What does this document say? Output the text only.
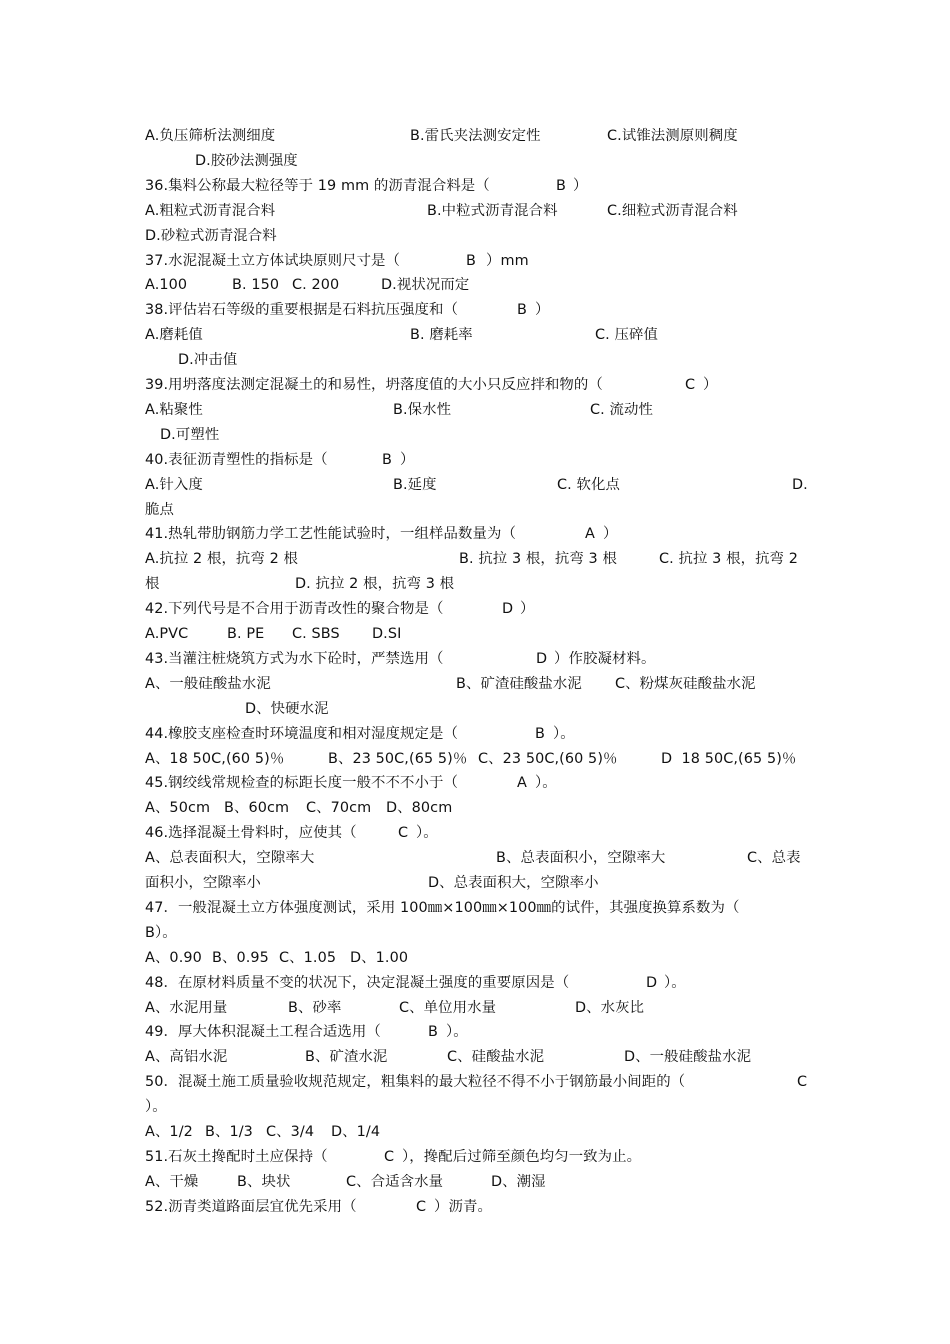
A.负压筛析法测细度	B.雷氏夹法测安定性	C.试锥法测原则稠度
D.胶砂法测强度
36.集料公称最大粒径等于 19 mm 的沥青混合料是（	B ）
A.粗粒式沥青混合料	B.中粒式沥青混合料	C.细粒式沥青混合料
D.砂粒式沥青混合料
37.水泥混凝土立方体试块原则尺寸是（	B ）mm
A.100	B. 150 C. 200	D.视状况而定
38.评估岩石等级的重要根据是石料抗压强度和（	B ）
A.磨耗值	B. 磨耗率	C. 压碎值
D.冲击值
39.用坍落度法测定混凝土的和易性，坍落度值的大小只反应拌和物的（	C ）
A.粘聚性	B.保水性	C. 流动性
D.可塑性
40.表征沥青塑性的指标是（	B ）
A.针入度	B.延度	C. 软化点	D.
脆点
41.热轧带肋钢筋力学工艺性能试验时，一组样品数量为（	A ）
A.抗拉 2 根，抗弯 2 根	B. 抗拉 3 根，抗弯 3 根	C. 抗拉 3 根，抗弯 2
根	D. 抗拉 2 根，抗弯 3 根
42.下列代号是不合用于沥青改性的聚合物是（	D ）
A.PVC	B. PE C. SBS D.SI
43.当灌注桩烧筑方式为水下砼时，严禁选用（	D ）作胶凝材料。
A、一般硅酸盐水泥	B、矿渣硅酸盐水泥 C、粉煤灰硅酸盐水泥
D、快硬水泥
44.橡胶支座检查时环境温度和相对湿度规定是（	B ）。
A、18 50C,(60 5)％	B、23 50C,(65 5)％ C、23 50C,(60 5)％	D  18 50C,(65 5)％
45.钢绞线常规检查的标距长度一般不不不小于（	A ）。
A、50cm B、60cm C、70cm D、80cm
46.选择混凝土骨料时，应使其（	C ）。
A、总表面积大，空隙率大	B、总表面积小，空隙率大	C、总表
面积小，空隙率小	D、总表面积大，空隙率小
47．一般混凝土立方体强度测试，采用 100㎜×100㎜×100㎜的试件，其强度换算系数为（
B）。
A、0.90 B、0.95 C、1.05 D、1.00
48．在原材料质量不变的状况下，决定混凝土强度的重要原因是（	D ）。
A、水泥用量	B、砂率	C、单位用水量	D、水灰比
49．厚大体积混凝土工程合适选用（	B ）。
A、高铝水泥	B、矿渣水泥	C、硅酸盐水泥	D、一般硅酸盐水泥
50．混凝土施工质量验收规范规定，粗集料的最大粒径不得不小于钢筋最小间距的（	C
）。
A、1/2 B、1/3 C、3/4 D、1/4
51.石灰土搀配时土应保持（	C ），搀配后过筛至颜色均匀一致为止。
A、干燥	B、块状	C、合适含水量	D、潮湿
52.沥青类道路面层宜优先采用（	C ）沥青。
